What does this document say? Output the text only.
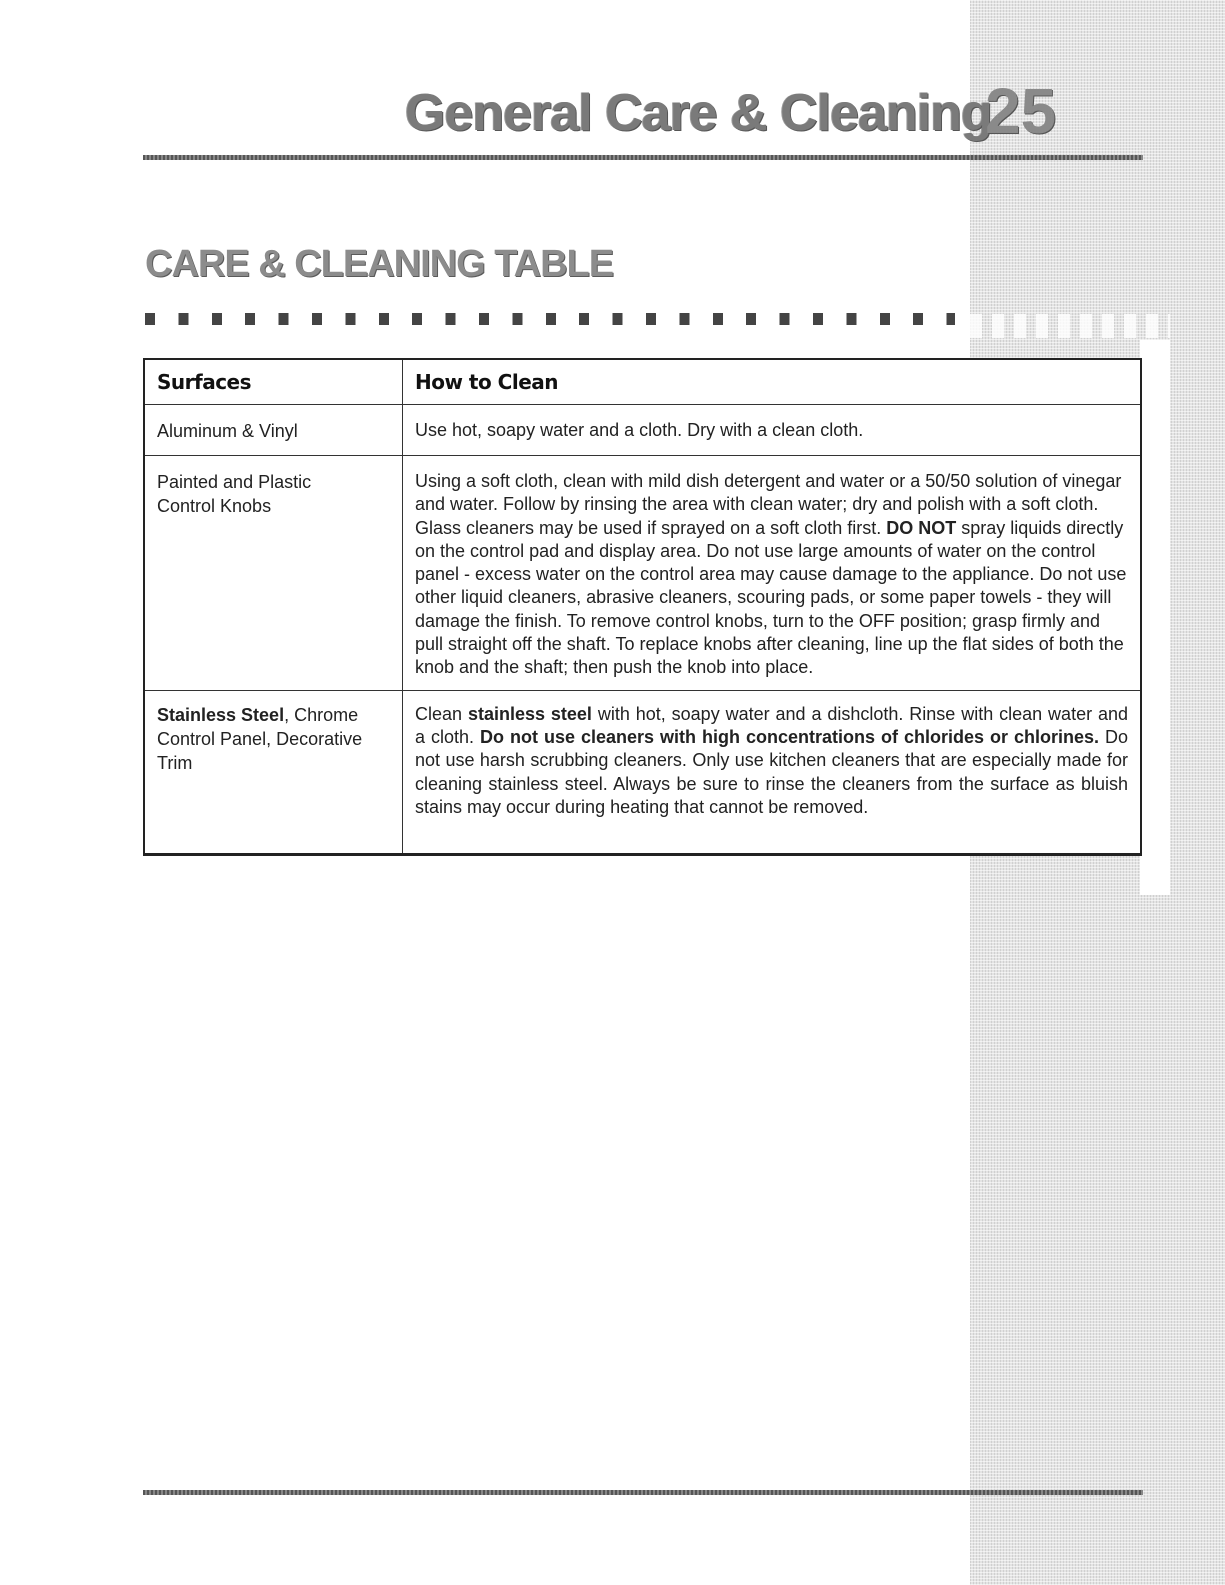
General Care & Cleaning
25
CARE & CLEANING TABLE
Surfaces	How to Clean
Aluminum & Vinyl	Use hot, soapy water and a cloth. Dry with a clean cloth.
Painted and Plastic
Control Knobs	Using a soft cloth, clean with mild dish detergent and water or a 50/50 solution of vinegar and water. Follow by rinsing the area with clean water; dry and polish with a soft cloth. Glass cleaners may be used if sprayed on a soft cloth first. DO NOT spray liquids directly on the control pad and display area. Do not use large amounts of water on the control panel - excess water on the control area may cause damage to the appliance. Do not use other liquid cleaners, abrasive cleaners, scouring pads, or some paper towels - they will damage the finish. To remove control knobs, turn to the OFF position; grasp firmly and pull straight off the shaft. To replace knobs after cleaning, line up the flat sides of both the knob and the shaft; then push the knob into place.
Stainless Steel, Chrome Control Panel, Decorative Trim	Clean stainless steel with hot, soapy water and a dishcloth. Rinse with clean water and a cloth. Do not use cleaners with high concentrations of chlorides or chlorines. Do not use harsh scrubbing cleaners. Only use kitchen cleaners that are especially made for cleaning stainless steel. Always be sure to rinse the cleaners from the surface as bluish stains may occur during heating that cannot be removed.
